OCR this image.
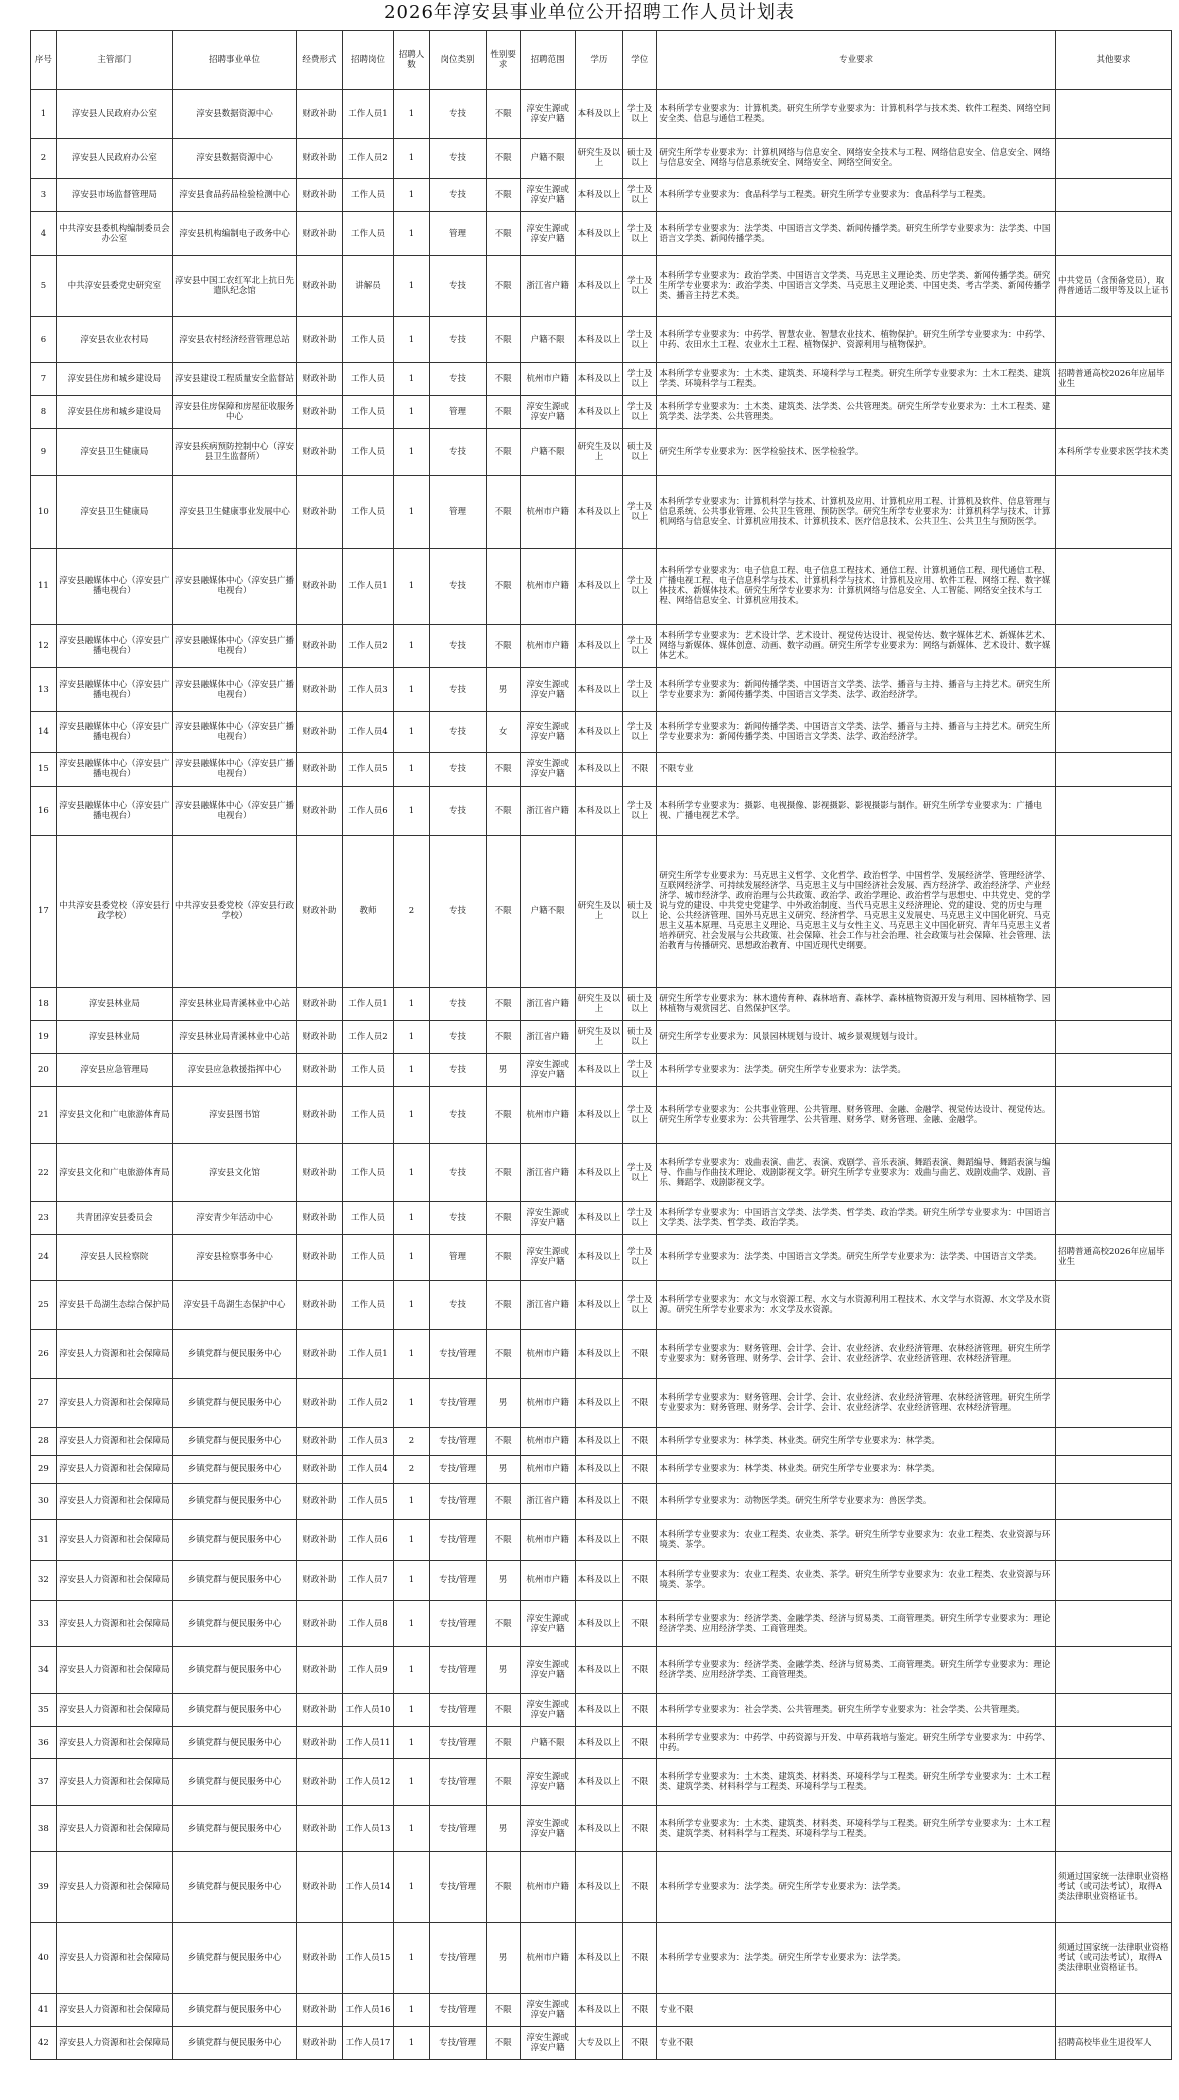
2026年淳安县事业单位公开招聘工作人员计划表
序号	主管部门	招聘事业单位	经费形式	招聘岗位	招聘人数	岗位类别	性别要求	招聘范围	学历	学位	专业要求	其他要求
1	淳安县人民政府办公室	淳安县数据资源中心	财政补助	工作人员1	1	专技	不限	淳安生源或淳安户籍	本科及以上	学士及以上	本科所学专业要求为：计算机类。研究生所学专业要求为：计算机科学与技术类、软件工程类、网络空间安全类、信息与通信工程类。	
2	淳安县人民政府办公室	淳安县数据资源中心	财政补助	工作人员2	1	专技	不限	户籍不限	研究生及以上	硕士及以上	研究生所学专业要求为：计算机网络与信息安全、网络安全技术与工程、网络信息安全、信息安全、网络与信息安全、网络与信息系统安全、网络安全、网络空间安全。	
3	淳安县市场监督管理局	淳安县食品药品检验检测中心	财政补助	工作人员	1	专技	不限	淳安生源或淳安户籍	本科及以上	学士及以上	本科所学专业要求为：食品科学与工程类。研究生所学专业要求为：食品科学与工程类。	
4	中共淳安县委机构编制委员会办公室	淳安县机构编制电子政务中心	财政补助	工作人员	1	管理	不限	淳安生源或淳安户籍	本科及以上	学士及以上	本科所学专业要求为：法学类、中国语言文学类、新闻传播学类。研究生所学专业要求为：法学类、中国语言文学类、新闻传播学类。	
5	中共淳安县委党史研究室	淳安县中国工农红军北上抗日先遣队纪念馆	财政补助	讲解员	1	专技	不限	浙江省户籍	本科及以上	学士及以上	本科所学专业要求为：政治学类、中国语言文学类、马克思主义理论类、历史学类、新闻传播学类。研究生所学专业要求为：政治学类、中国语言文学类、马克思主义理论类、中国史类、考古学类、新闻传播学类、播音主持艺术类。	中共党员（含预备党员），取得普通话二级甲等及以上证书
6	淳安县农业农村局	淳安县农村经济经营管理总站	财政补助	工作人员	1	专技	不限	户籍不限	本科及以上	学士及以上	本科所学专业要求为：中药学、智慧农业、智慧农业技术、植物保护。研究生所学专业要求为：中药学、中药、农田水土工程、农业水土工程、植物保护、资源利用与植物保护。	
7	淳安县住房和城乡建设局	淳安县建设工程质量安全监督站	财政补助	工作人员	1	专技	不限	杭州市户籍	本科及以上	学士及以上	本科所学专业要求为：土木类、建筑类、环境科学与工程类。研究生所学专业要求为：土木工程类、建筑学类、环境科学与工程类。	招聘普通高校2026年应届毕业生
8	淳安县住房和城乡建设局	淳安县住房保障和房屋征收服务中心	财政补助	工作人员	1	管理	不限	淳安生源或淳安户籍	本科及以上	学士及以上	本科所学专业要求为：土木类、建筑类、法学类、公共管理类。研究生所学专业要求为：土木工程类、建筑学类、法学类、公共管理类。	
9	淳安县卫生健康局	淳安县疾病预防控制中心（淳安县卫生监督所）	财政补助	工作人员	1	专技	不限	户籍不限	研究生及以上	硕士及以上	研究生所学专业要求为：医学检验技术、医学检验学。	本科所学专业要求医学技术类
10	淳安县卫生健康局	淳安县卫生健康事业发展中心	财政补助	工作人员	1	管理	不限	杭州市户籍	本科及以上	学士及以上	本科所学专业要求为：计算机科学与技术、计算机及应用、计算机应用工程、计算机及软件、信息管理与信息系统、公共事业管理、公共卫生管理、预防医学。研究生所学专业要求为：计算机科学与技术、计算机网络与信息安全、计算机应用技术、计算机技术、医疗信息技术、公共卫生、公共卫生与预防医学。	
11	淳安县融媒体中心（淳安县广播电视台）	淳安县融媒体中心（淳安县广播电视台）	财政补助	工作人员1	1	专技	不限	杭州市户籍	本科及以上	学士及以上	本科所学专业要求为：电子信息工程、电子信息工程技术、通信工程、计算机通信工程、现代通信工程、广播电视工程、电子信息科学与技术、计算机科学与技术、计算机及应用、软件工程、网络工程、数字媒体技术、新媒体技术。研究生所学专业要求为：计算机网络与信息安全、人工智能、网络安全技术与工程、网络信息安全、计算机应用技术。	
12	淳安县融媒体中心（淳安县广播电视台）	淳安县融媒体中心（淳安县广播电视台）	财政补助	工作人员2	1	专技	不限	杭州市户籍	本科及以上	学士及以上	本科所学专业要求为：艺术设计学、艺术设计、视觉传达设计、视觉传达、数字媒体艺术、新媒体艺术、网络与新媒体、媒体创意、动画、数字动画。研究生所学专业要求为：网络与新媒体、艺术设计、数字媒体艺术。	
13	淳安县融媒体中心（淳安县广播电视台）	淳安县融媒体中心（淳安县广播电视台）	财政补助	工作人员3	1	专技	男	淳安生源或淳安户籍	本科及以上	学士及以上	本科所学专业要求为：新闻传播学类、中国语言文学类、法学、播音与主持、播音与主持艺术。研究生所学专业要求为：新闻传播学类、中国语言文学类、法学、政治经济学。	
14	淳安县融媒体中心（淳安县广播电视台）	淳安县融媒体中心（淳安县广播电视台）	财政补助	工作人员4	1	专技	女	淳安生源或淳安户籍	本科及以上	学士及以上	本科所学专业要求为：新闻传播学类、中国语言文学类、法学、播音与主持、播音与主持艺术。研究生所学专业要求为：新闻传播学类、中国语言文学类、法学、政治经济学。	
15	淳安县融媒体中心（淳安县广播电视台）	淳安县融媒体中心（淳安县广播电视台）	财政补助	工作人员5	1	专技	不限	淳安生源或淳安户籍	本科及以上	不限	不限专业	
16	淳安县融媒体中心（淳安县广播电视台）	淳安县融媒体中心（淳安县广播电视台）	财政补助	工作人员6	1	专技	不限	浙江省户籍	本科及以上	学士及以上	本科所学专业要求为：摄影、电视摄像、影视摄影、影视摄影与制作。研究生所学专业要求为：广播电视、广播电视艺术学。	
17	中共淳安县委党校（淳安县行政学校）	中共淳安县委党校（淳安县行政学校）	财政补助	教师	2	专技	不限	户籍不限	研究生及以上	硕士及以上	研究生所学专业要求为：马克思主义哲学、文化哲学、政治哲学、中国哲学、发展经济学、管理经济学、互联网经济学、可持续发展经济学、马克思主义与中国经济社会发展、西方经济学、政治经济学、产业经济学、城市经济学、政府治理与公共政策、政治学、政治学理论、政治哲学与思想史、中共党史、党的学说与党的建设、中共党史党建学、中外政治制度、当代马克思主义经济理论、党的建设、党的历史与理论、公共经济管理、国外马克思主义研究、经济哲学、马克思主义发展史、马克思主义中国化研究、马克思主义基本原理、马克思主义理论、马克思主义与女性主义、马克思主义中国化研究、青年马克思主义者培养研究、社会发展与公共政策、社会保障、社会工作与社会治理、社会政策与社会保障、社会管理、法治教育与传播研究、思想政治教育、中国近现代史纲要。	
18	淳安县林业局	淳安县林业局青溪林业中心站	财政补助	工作人员1	1	专技	不限	浙江省户籍	研究生及以上	硕士及以上	研究生所学专业要求为：林木遗传育种、森林培育、森林学、森林植物资源开发与利用、园林植物学、园林植物与观赏园艺、自然保护区学。	
19	淳安县林业局	淳安县林业局青溪林业中心站	财政补助	工作人员2	1	专技	不限	浙江省户籍	研究生及以上	硕士及以上	研究生所学专业要求为：风景园林规划与设计、城乡景观规划与设计。	
20	淳安县应急管理局	淳安县应急救援指挥中心	财政补助	工作人员	1	专技	男	淳安生源或淳安户籍	本科及以上	学士及以上	本科所学专业要求为：法学类。研究生所学专业要求为：法学类。	
21	淳安县文化和广电旅游体育局	淳安县图书馆	财政补助	工作人员	1	专技	不限	杭州市户籍	本科及以上	学士及以上	本科所学专业要求为：公共事业管理、公共管理、财务管理、金融、金融学、视觉传达设计、视觉传达。研究生所学专业要求为：公共管理学、公共管理、财务学、财务管理、金融、金融学。	
22	淳安县文化和广电旅游体育局	淳安县文化馆	财政补助	工作人员	1	专技	不限	浙江省户籍	本科及以上	学士及以上	本科所学专业要求为：戏曲表演、曲艺、表演、戏剧学、音乐表演、舞蹈表演、舞蹈编导、舞蹈表演与编导、作曲与作曲技术理论、戏剧影视文学。研究生所学专业要求为：戏曲与曲艺、戏剧戏曲学、戏剧、音乐、舞蹈学、戏剧影视文学。	
23	共青团淳安县委员会	淳安青少年活动中心	财政补助	工作人员	1	专技	不限	淳安生源或淳安户籍	本科及以上	学士及以上	本科所学专业要求为：中国语言文学类、法学类、哲学类、政治学类。研究生所学专业要求为：中国语言文学类、法学类、哲学类、政治学类。	
24	淳安县人民检察院	淳安县检察事务中心	财政补助	工作人员	1	管理	不限	淳安生源或淳安户籍	本科及以上	学士及以上	本科所学专业要求为：法学类、中国语言文学类。研究生所学专业要求为：法学类、中国语言文学类。	招聘普通高校2026年应届毕业生
25	淳安县千岛湖生态综合保护局	淳安县千岛湖生态保护中心	财政补助	工作人员	1	专技	不限	浙江省户籍	本科及以上	学士及以上	本科所学专业要求为：水文与水资源工程、水文与水资源利用工程技术、水文学与水资源、水文学及水资源。研究生所学专业要求为：水文学及水资源。	
26	淳安县人力资源和社会保障局	乡镇党群与便民服务中心	财政补助	工作人员1	1	专技/管理	不限	杭州市户籍	本科及以上	不限	本科所学专业要求为：财务管理、会计学、会计、农业经济、农业经济管理、农林经济管理。研究生所学专业要求为：财务管理、财务学、会计学、会计、农业经济学、农业经济管理、农林经济管理。	
27	淳安县人力资源和社会保障局	乡镇党群与便民服务中心	财政补助	工作人员2	1	专技/管理	男	杭州市户籍	本科及以上	不限	本科所学专业要求为：财务管理、会计学、会计、农业经济、农业经济管理、农林经济管理。研究生所学专业要求为：财务管理、财务学、会计学、会计、农业经济学、农业经济管理、农林经济管理。	
28	淳安县人力资源和社会保障局	乡镇党群与便民服务中心	财政补助	工作人员3	2	专技/管理	不限	杭州市户籍	本科及以上	不限	本科所学专业要求为：林学类、林业类。研究生所学专业要求为：林学类。	
29	淳安县人力资源和社会保障局	乡镇党群与便民服务中心	财政补助	工作人员4	2	专技/管理	男	杭州市户籍	本科及以上	不限	本科所学专业要求为：林学类、林业类。研究生所学专业要求为：林学类。	
30	淳安县人力资源和社会保障局	乡镇党群与便民服务中心	财政补助	工作人员5	1	专技/管理	不限	浙江省户籍	本科及以上	不限	本科所学专业要求为：动物医学类。研究生所学专业要求为：兽医学类。	
31	淳安县人力资源和社会保障局	乡镇党群与便民服务中心	财政补助	工作人员6	1	专技/管理	不限	杭州市户籍	本科及以上	不限	本科所学专业要求为：农业工程类、农业类、茶学。研究生所学专业要求为：农业工程类、农业资源与环境类、茶学。	
32	淳安县人力资源和社会保障局	乡镇党群与便民服务中心	财政补助	工作人员7	1	专技/管理	男	杭州市户籍	本科及以上	不限	本科所学专业要求为：农业工程类、农业类、茶学。研究生所学专业要求为：农业工程类、农业资源与环境类、茶学。	
33	淳安县人力资源和社会保障局	乡镇党群与便民服务中心	财政补助	工作人员8	1	专技/管理	不限	淳安生源或淳安户籍	本科及以上	不限	本科所学专业要求为：经济学类、金融学类、经济与贸易类、工商管理类。研究生所学专业要求为：理论经济学类、应用经济学类、工商管理类。	
34	淳安县人力资源和社会保障局	乡镇党群与便民服务中心	财政补助	工作人员9	1	专技/管理	男	淳安生源或淳安户籍	本科及以上	不限	本科所学专业要求为：经济学类、金融学类、经济与贸易类、工商管理类。研究生所学专业要求为：理论经济学类、应用经济学类、工商管理类。	
35	淳安县人力资源和社会保障局	乡镇党群与便民服务中心	财政补助	工作人员10	1	专技/管理	不限	淳安生源或淳安户籍	本科及以上	不限	本科所学专业要求为：社会学类、公共管理类。研究生所学专业要求为：社会学类、公共管理类。	
36	淳安县人力资源和社会保障局	乡镇党群与便民服务中心	财政补助	工作人员11	1	专技/管理	不限	户籍不限	本科及以上	不限	本科所学专业要求为：中药学、中药资源与开发、中草药栽培与鉴定。研究生所学专业要求为：中药学、中药。	
37	淳安县人力资源和社会保障局	乡镇党群与便民服务中心	财政补助	工作人员12	1	专技/管理	不限	淳安生源或淳安户籍	本科及以上	不限	本科所学专业要求为：土木类、建筑类、材料类、环境科学与工程类。研究生所学专业要求为：土木工程类、建筑学类、材料科学与工程类、环境科学与工程类。	
38	淳安县人力资源和社会保障局	乡镇党群与便民服务中心	财政补助	工作人员13	1	专技/管理	男	淳安生源或淳安户籍	本科及以上	不限	本科所学专业要求为：土木类、建筑类、材料类、环境科学与工程类。研究生所学专业要求为：土木工程类、建筑学类、材料科学与工程类、环境科学与工程类。	
39	淳安县人力资源和社会保障局	乡镇党群与便民服务中心	财政补助	工作人员14	1	专技/管理	不限	杭州市户籍	本科及以上	不限	本科所学专业要求为：法学类。研究生所学专业要求为：法学类。	须通过国家统一法律职业资格考试（或司法考试），取得A类法律职业资格证书。
40	淳安县人力资源和社会保障局	乡镇党群与便民服务中心	财政补助	工作人员15	1	专技/管理	男	杭州市户籍	本科及以上	不限	本科所学专业要求为：法学类。研究生所学专业要求为：法学类。	须通过国家统一法律职业资格考试（或司法考试），取得A类法律职业资格证书。
41	淳安县人力资源和社会保障局	乡镇党群与便民服务中心	财政补助	工作人员16	1	专技/管理	不限	淳安生源或淳安户籍	本科及以上	不限	专业不限	
42	淳安县人力资源和社会保障局	乡镇党群与便民服务中心	财政补助	工作人员17	1	专技/管理	不限	淳安生源或淳安户籍	大专及以上	不限	专业不限	招聘高校毕业生退役军人
